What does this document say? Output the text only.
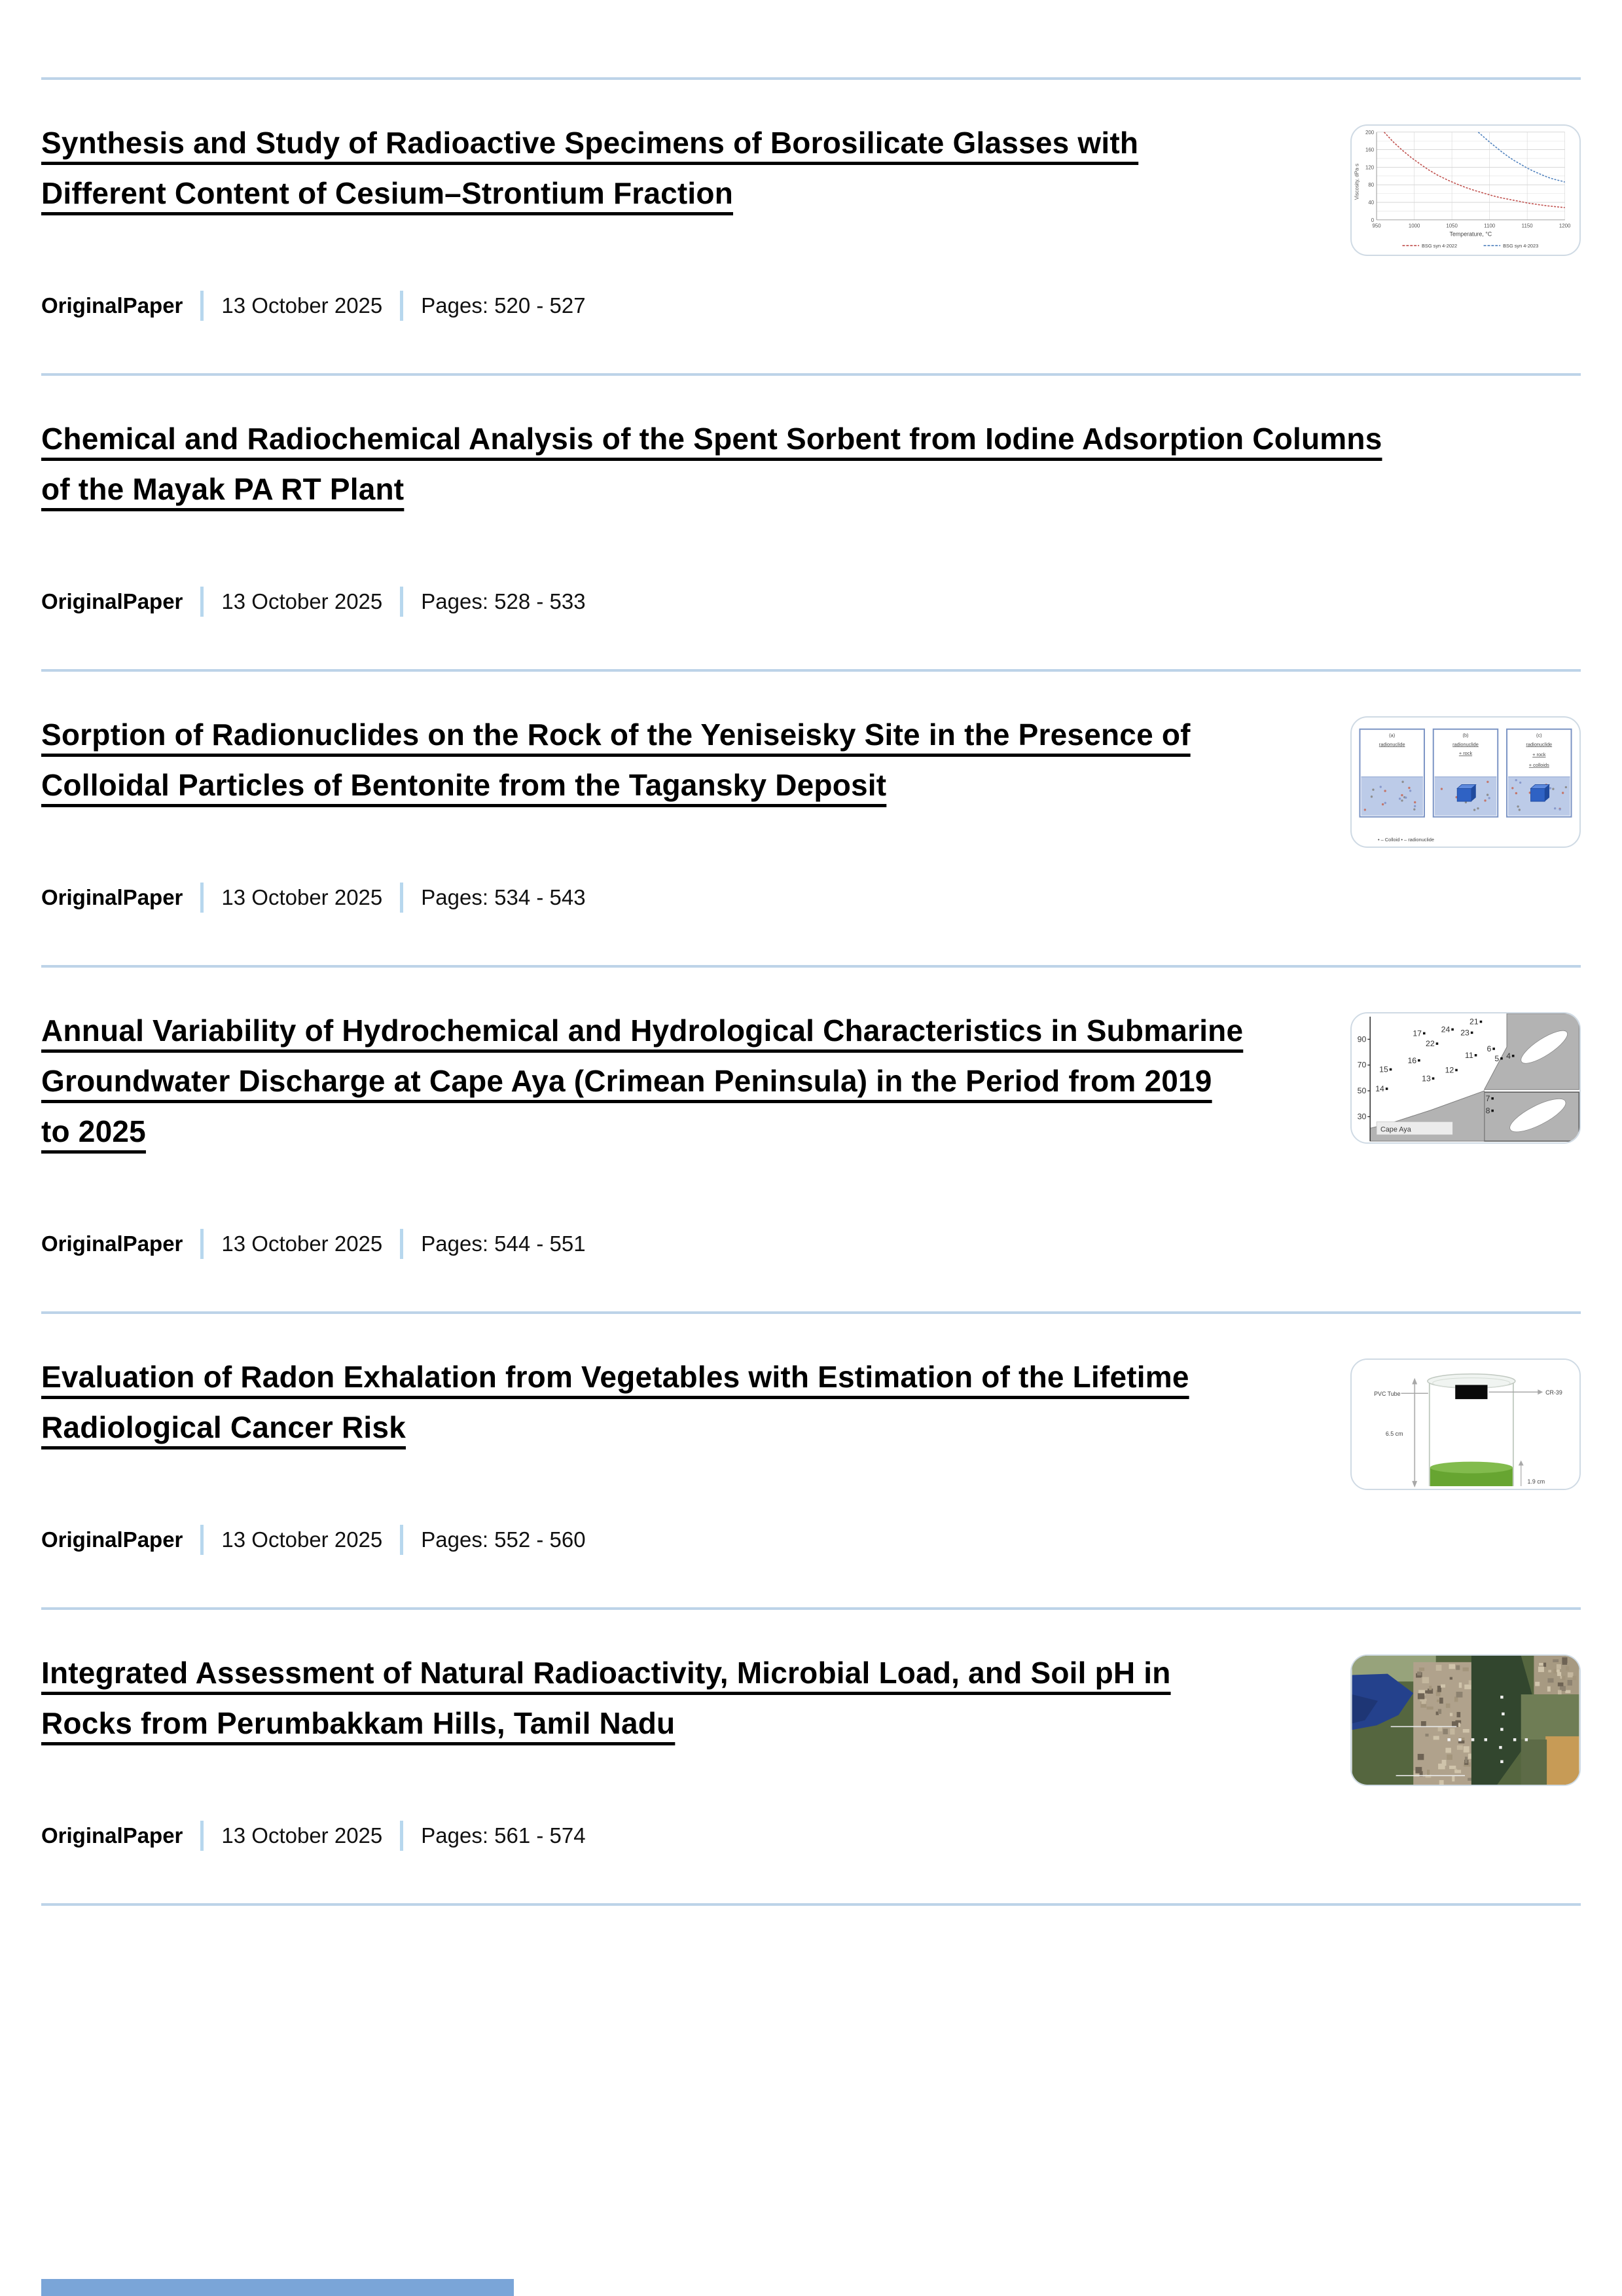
Synthesis and Study of Radioactive Specimens of Borosilicate Glasses with Different Content of Cesium–Strontium Fraction
OriginalPaper 13 October 2025 Pages: 520 - 527
950	1000	1050	1100	1150	1200
0
40
80
120
160
200
Viscosity, dPa·s
Temperature, °C
BSG syn 4-2022	BSG syn 4-2023
Chemical and Radiochemical Analysis of the Spent Sorbent from Iodine Adsorption Columns of the Mayak PA RT Plant
OriginalPaper 13 October 2025 Pages: 528 - 533
Sorption of Radionuclides on the Rock of the Yeniseisky Site in the Presence of Colloidal Particles of Bentonite from the Tagansky Deposit
OriginalPaper 13 October 2025 Pages: 534 - 543
radionuclide	radionuclide
+ rock
radionuclide
+ rock
+ colloids
(a)	(b)	(c)
• – Colloid • – radionuclide
Annual Variability of Hydrochemical and Hydrological Characteristics in Submarine Groundwater Discharge at Cape Aya (Crimean Peninsula) in the Period from 2019 to 2025
OriginalPaper 13 October 2025 Pages: 544 - 551
Cape Aya
90
70
50
30
21
24
17	23
22
11
6
5 4
16
15	12
13
14
7
8
Evaluation of Radon Exhalation from Vegetables with Estimation of the Lifetime Radiological Cancer Risk
OriginalPaper 13 October 2025 Pages: 552 - 560
PVC Tube	CR-39
6.5 cm
1.9 cm
Integrated Assessment of Natural Radioactivity, Microbial Load, and Soil pH in Rocks from Perumbakkam Hills, Tamil Nadu
OriginalPaper 13 October 2025 Pages: 561 - 574
